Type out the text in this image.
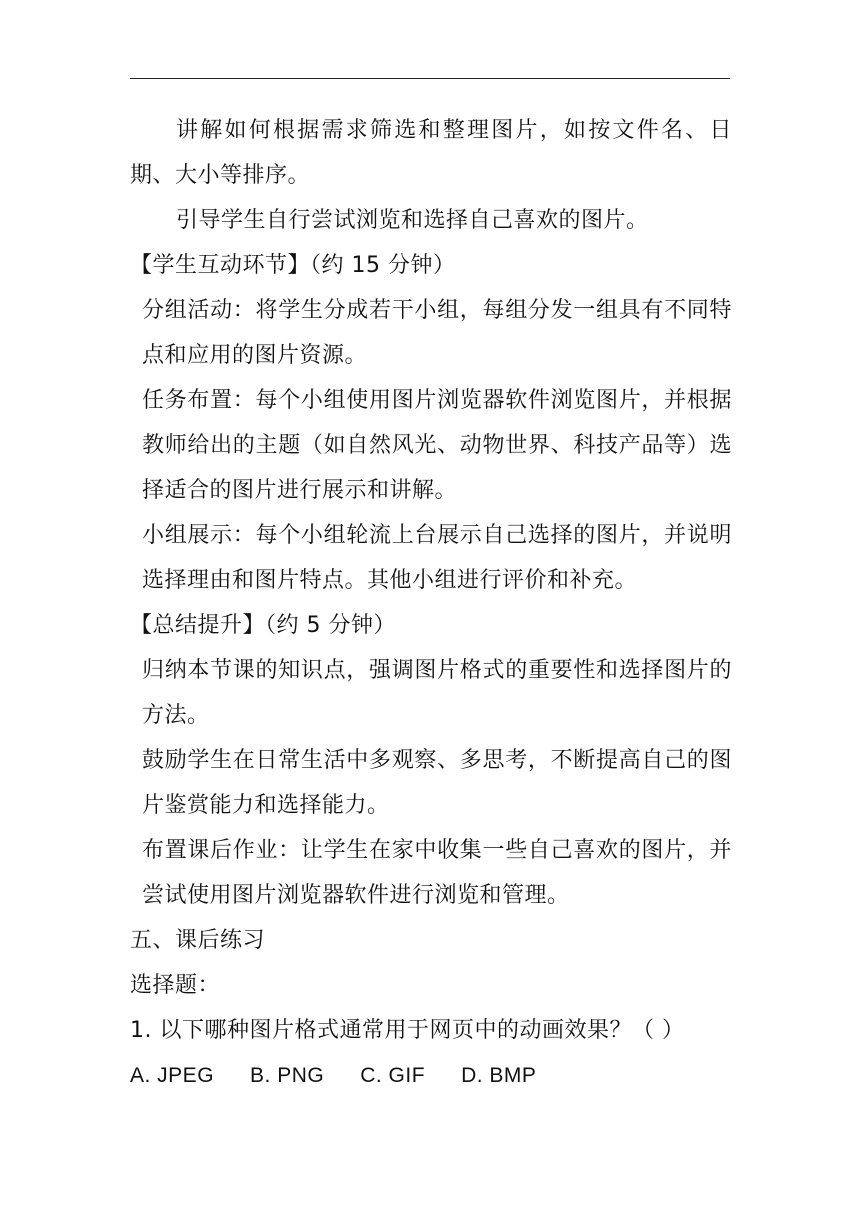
讲解如何根据需求筛选和整理图片，如按文件名、日期、大小等排序。

引导学生自行尝试浏览和选择自己喜欢的图片。

【学生互动环节】（约 15 分钟）

分组活动：将学生分成若干小组，每组分发一组具有不同特点和应用的图片资源。

任务布置：每个小组使用图片浏览器软件浏览图片，并根据教师给出的主题（如自然风光、动物世界、科技产品等）选择适合的图片进行展示和讲解。

小组展示：每个小组轮流上台展示自己选择的图片，并说明选择理由和图片特点。其他小组进行评价和补充。

【总结提升】（约 5 分钟）

归纳本节课的知识点，强调图片格式的重要性和选择图片的方法。

鼓励学生在日常生活中多观察、多思考，不断提高自己的图片鉴赏能力和选择能力。

布置课后作业：让学生在家中收集一些自己喜欢的图片，并尝试使用图片浏览器软件进行浏览和管理。

五、课后练习

选择题：

1. 以下哪种图片格式通常用于网页中的动画效果？（ ）

A. JPEG B. PNG C. GIF D. BMP
